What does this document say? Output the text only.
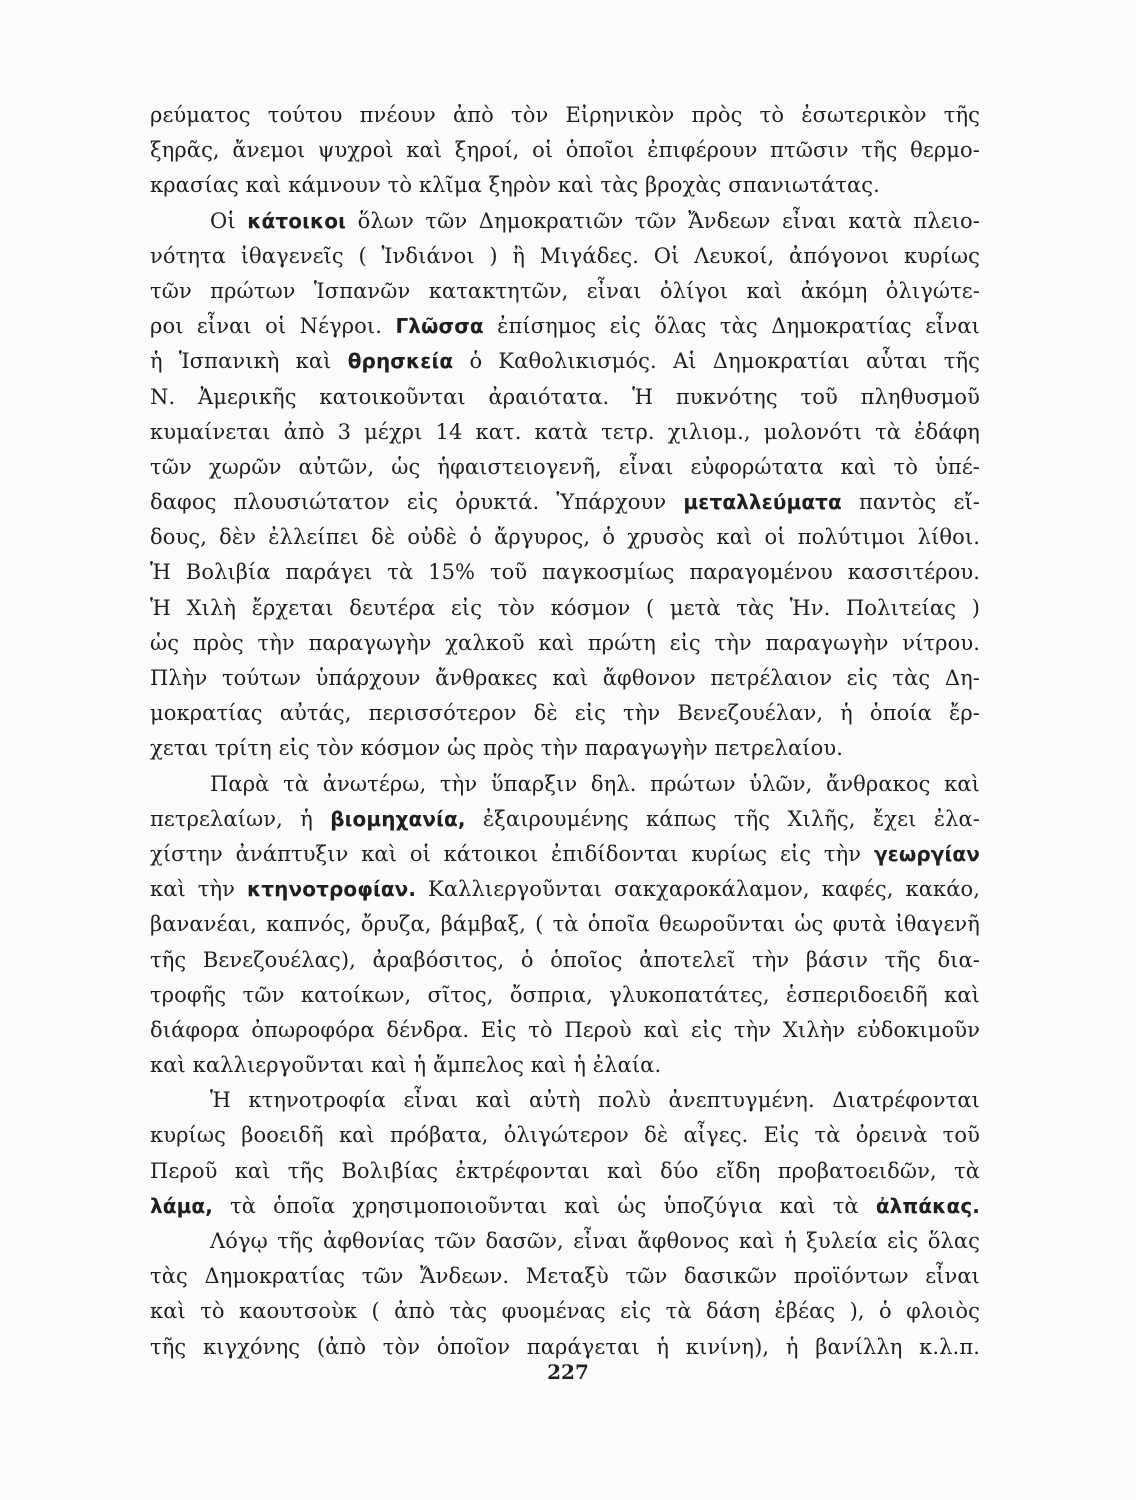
ρεύματος τούτου πνέουν ἀπὸ τὸν Εἰρηνικὸν πρὸς τὸ ἐσωτερικὸν τῆς
ξηρᾶς, ἄνεμοι ψυχροὶ καὶ ξηροί, οἱ ὁποῖοι ἐπιφέρουν πτῶσιν τῆς θερμο-
κρασίας καὶ κάμνουν τὸ κλῖμα ξηρὸν καὶ τὰς βροχὰς σπανιωτάτας.
Οἱ κάτοικοι ὅλων τῶν Δημοκρατιῶν τῶν Ἄνδεων εἶναι κατὰ πλειο-
νότητα ἰθαγενεῖς ( Ἰνδιάνοι ) ἢ Μιγάδες. Οἱ Λευκοί, ἀπόγονοι κυρίως
τῶν πρώτων Ἱσπανῶν κατακτητῶν, εἶναι ὀλίγοι καὶ ἀκόμη ὀλιγώτε-
ροι εἶναι οἱ Νέγροι. Γλῶσσα ἐπίσημος εἰς ὅλας τὰς Δημοκρατίας εἶναι
ἡ Ἱσπανικὴ καὶ θρησκεία ὁ Καθολικισμός. Αἱ Δημοκρατίαι αὗται τῆς
Ν. Ἀμερικῆς κατοικοῦνται ἀραιότατα. Ἡ πυκνότης τοῦ πληθυσμοῦ
κυμαίνεται ἀπὸ 3 μέχρι 14 κατ. κατὰ τετρ. χιλιομ., μολονότι τὰ ἐδάφη
τῶν χωρῶν αὐτῶν, ὡς ἡφαιστειογενῆ, εἶναι εὐφορώτατα καὶ τὸ ὑπέ-
δαφος πλουσιώτατον εἰς ὀρυκτά. Ὑπάρχουν μεταλλεύματα παντὸς εἴ-
δους, δὲν ἐλλείπει δὲ οὐδὲ ὁ ἄργυρος, ὁ χρυσὸς καὶ οἱ πολύτιμοι λίθοι.
Ἡ Βολιβία παράγει τὰ 15% τοῦ παγκοσμίως παραγομένου κασσιτέρου.
Ἡ Χιλὴ ἔρχεται δευτέρα εἰς τὸν κόσμον ( μετὰ τὰς Ἡν. Πολιτείας )
ὡς πρὸς τὴν παραγωγὴν χαλκοῦ καὶ πρώτη εἰς τὴν παραγωγὴν νίτρου.
Πλὴν τούτων ὑπάρχουν ἄνθρακες καὶ ἄφθονον πετρέλαιον εἰς τὰς Δη-
μοκρατίας αὐτάς, περισσότερον δὲ εἰς τὴν Βενεζουέλαν, ἡ ὁποία ἔρ-
χεται τρίτη εἰς τὸν κόσμον ὡς πρὸς τὴν παραγωγὴν πετρελαίου.
Παρὰ τὰ ἀνωτέρω, τὴν ὕπαρξιν δηλ. πρώτων ὑλῶν, ἄνθρακος καὶ
πετρελαίων, ἡ βιομηχανία, ἐξαιρουμένης κάπως τῆς Χιλῆς, ἔχει ἐλα-
χίστην ἀνάπτυξιν καὶ οἱ κάτοικοι ἐπιδίδονται κυρίως εἰς τὴν γεωργίαν
καὶ τὴν κτηνοτροφίαν. Καλλιεργοῦνται σακχαροκάλαμον, καφές, κακάο,
βανανέαι, καπνός, ὄρυζα, βάμβαξ, ( τὰ ὁποῖα θεωροῦνται ὡς φυτὰ ἰθαγενῆ
τῆς Βενεζουέλας), ἀραβόσιτος, ὁ ὁποῖος ἀποτελεῖ τὴν βάσιν τῆς δια-
τροφῆς τῶν κατοίκων, σῖτος, ὄσπρια, γλυκοπατάτες, ἑσπεριδοειδῆ καὶ
διάφορα ὀπωροφόρα δένδρα. Εἰς τὸ Περοὺ καὶ εἰς τὴν Χιλὴν εὐδοκιμοῦν
καὶ καλλιεργοῦνται καὶ ἡ ἄμπελος καὶ ἡ ἐλαία.
Ἡ κτηνοτροφία εἶναι καὶ αὐτὴ πολὺ ἀνεπτυγμένη. Διατρέφονται
κυρίως βοοειδῆ καὶ πρόβατα, ὀλιγώτερον δὲ αἶγες. Εἰς τὰ ὀρεινὰ τοῦ
Περοῦ καὶ τῆς Βολιβίας ἐκτρέφονται καὶ δύο εἴδη προβατοειδῶν, τὰ
λάμα, τὰ ὁποῖα χρησιμοποιοῦνται καὶ ὡς ὑποζύγια καὶ τὰ ἀλπάκας.
Λόγῳ τῆς ἀφθονίας τῶν δασῶν, εἶναι ἄφθονος καὶ ἡ ξυλεία εἰς ὅλας
τὰς Δημοκρατίας τῶν Ἄνδεων. Μεταξὺ τῶν δασικῶν προϊόντων εἶναι
καὶ τὸ καουτσοὺκ ( ἀπὸ τὰς φυομένας εἰς τὰ δάση ἐβέας ), ὁ φλοιὸς
τῆς κιγχόνης (ἀπὸ τὸν ὁποῖον παράγεται ἡ κινίνη), ἡ βανίλλη κ.λ.π.
227
